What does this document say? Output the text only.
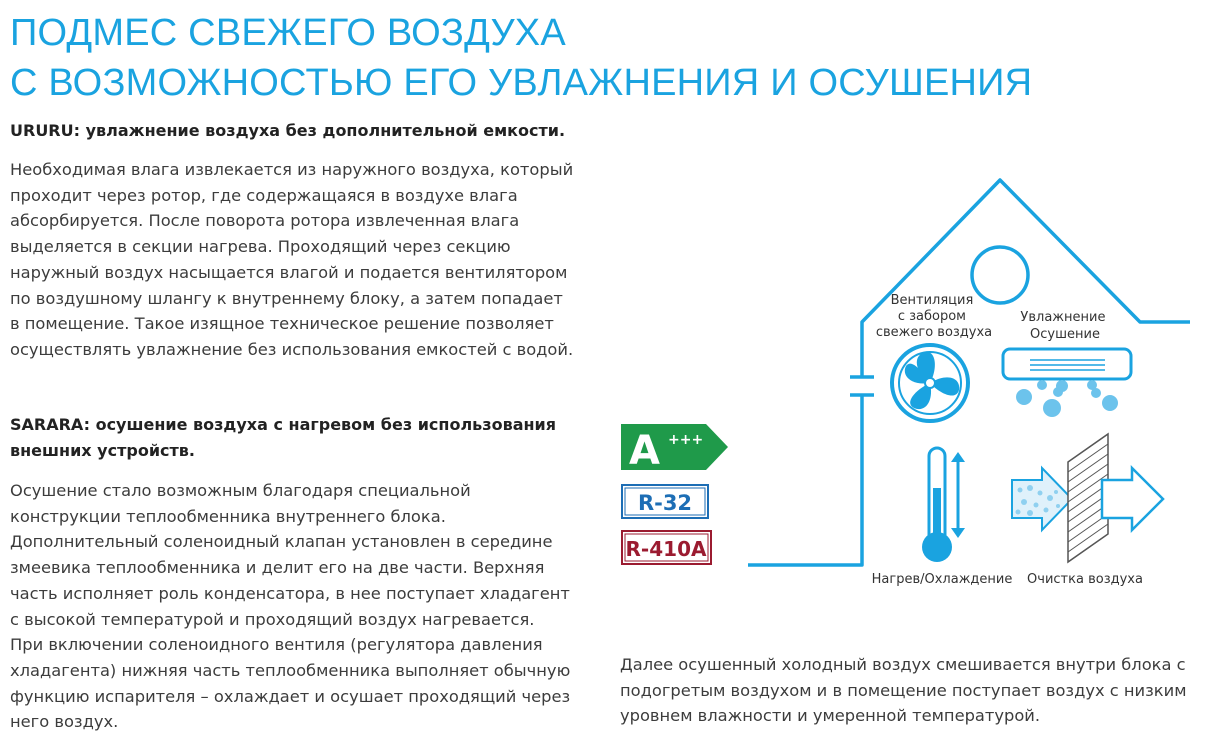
ПОДМЕС СВЕЖЕГО ВОЗДУХА
С ВОЗМОЖНОСТЬЮ ЕГО УВЛАЖНЕНИЯ И ОСУШЕНИЯ
URURU: увлажнение воздуха без дополнительной емкости.
Необходимая влага извлекается из наружного воздуха, который
проходит через ротор, где содержащаяся в воздухе влага
абсорбируется. После поворота ротора извлеченная влага
выделяется в секции нагрева. Проходящий через секцию
наружный воздух насыщается влагой и подается вентилятором
по воздушному шлангу к внутреннему блоку, а затем попадает
в помещение. Такое изящное техническое решение позволяет
осуществлять увлажнение без использования емкостей с водой.
SARARA: осушение воздуха с нагревом без использования
внешних устройств.
Осушение стало возможным благодаря специальной
конструкции теплообменника внутреннего блока.
Дополнительный соленоидный клапан установлен в середине
змеевика теплообменника и делит его на две части. Верхняя
часть исполняет роль конденсатора, в нее поступает хладагент
с высокой температурой и проходящий воздух нагревается.
При включении соленоидного вентиля (регулятора давления
хладагента) нижняя часть теплообменника выполняет обычную
функцию испарителя – охлаждает и осушает проходящий через
него воздух.
Далее осушенный холодный воздух смешивается внутри блока с
подогретым воздухом и в помещение поступает воздух с низким
уровнем влажности и умеренной температурой.
Вентиляция с забором свежего воздуха
Увлажнение Осушение
Нагрев/Охлаждение Очистка воздуха
A +++
R-32
R-410A
